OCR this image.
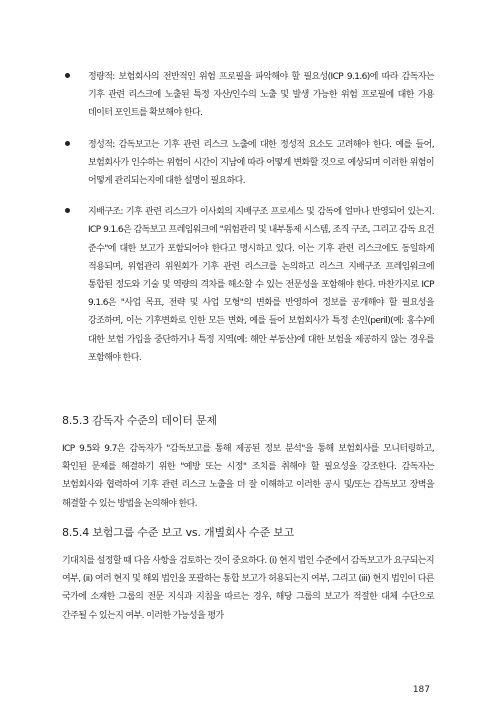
정량적: 보험회사의 전반적인 위험 프로필을 파악해야 할 필요성(ICP 9.1.6)에 따라 감독자는 기후 관련 리스크에 노출된 특정 자산/인수의 노출 및 발생 가능한 위험 프로필에 대한 가용 데이터 포인트를 확보해야 한다.

정성적: 감독보고는 기후 관련 리스크 노출에 대한 정성적 요소도 고려해야 한다. 예를 들어, 보험회사가 인수하는 위험이 시간이 지남에 따라 어떻게 변화할 것으로 예상되며 이러한 위험이 어떻게 관리되는지에 대한 설명이 필요하다.

지배구조: 기후 관련 리스크가 이사회의 지배구조 프로세스 및 감독에 얼마나 반영되어 있는지. ICP 9.1.6은 감독보고 프레임워크에 "위험관리 및 내부통제 시스템, 조직 구조, 그리고 감독 요건 준수"에 대한 보고가 포함되어야 한다고 명시하고 있다. 이는 기후 관련 리스크에도 동일하게 적용되며, 위험관리 위원회가 기후 관련 리스크를 논의하고 리스크 지배구조 프레임워크에 통합된 정도와 기술 및 역량의 격차를 해소할 수 있는 전문성을 포함해야 한다. 마찬가지로 ICP 9.1.6은 "사업 목표, 전략 및 사업 모형"의 변화를 반영하여 정보를 공개해야 할 필요성을 강조하며, 이는 기후변화로 인한 모든 변화, 예를 들어 보험회사가 특정 손인(peril)(예: 홍수)에 대한 보험 가입을 중단하거나 특정 지역(예: 해안 부동산)에 대한 보험을 제공하지 않는 경우를 포함해야 한다.

8.5.3 감독자 수준의 데이터 문제

ICP 9.5와 9.7은 감독자가 "감독보고를 통해 제공된 정보 분석"을 통해 보험회사를 모니터링하고, 확인된 문제를 해결하기 위한 "예방 또는 시정" 조치를 취해야 할 필요성을 강조한다. 감독자는 보험회사와 협력하여 기후 관련 리스크 노출을 더 잘 이해하고 이러한 공시 및/또는 감독보고 장벽을 해결할 수 있는 방법을 논의해야 한다.

8.5.4 보험그룹 수준 보고 vs. 개별회사 수준 보고

기대치를 설정할 때 다음 사항을 검토하는 것이 중요하다. (i) 현지 법인 수준에서 감독보고가 요구되는지 여부, (ii) 여러 현지 및 해외 법인을 포괄하는 통합 보고가 허용되는지 여부, 그리고 (iii) 현지 법인이 다른 국가에 소재한 그룹의 전문 지식과 지침을 따르는 경우, 해당 그룹의 보고가 적절한 대체 수단으로 간주될 수 있는지 여부. 이러한 가능성을 평가

187
